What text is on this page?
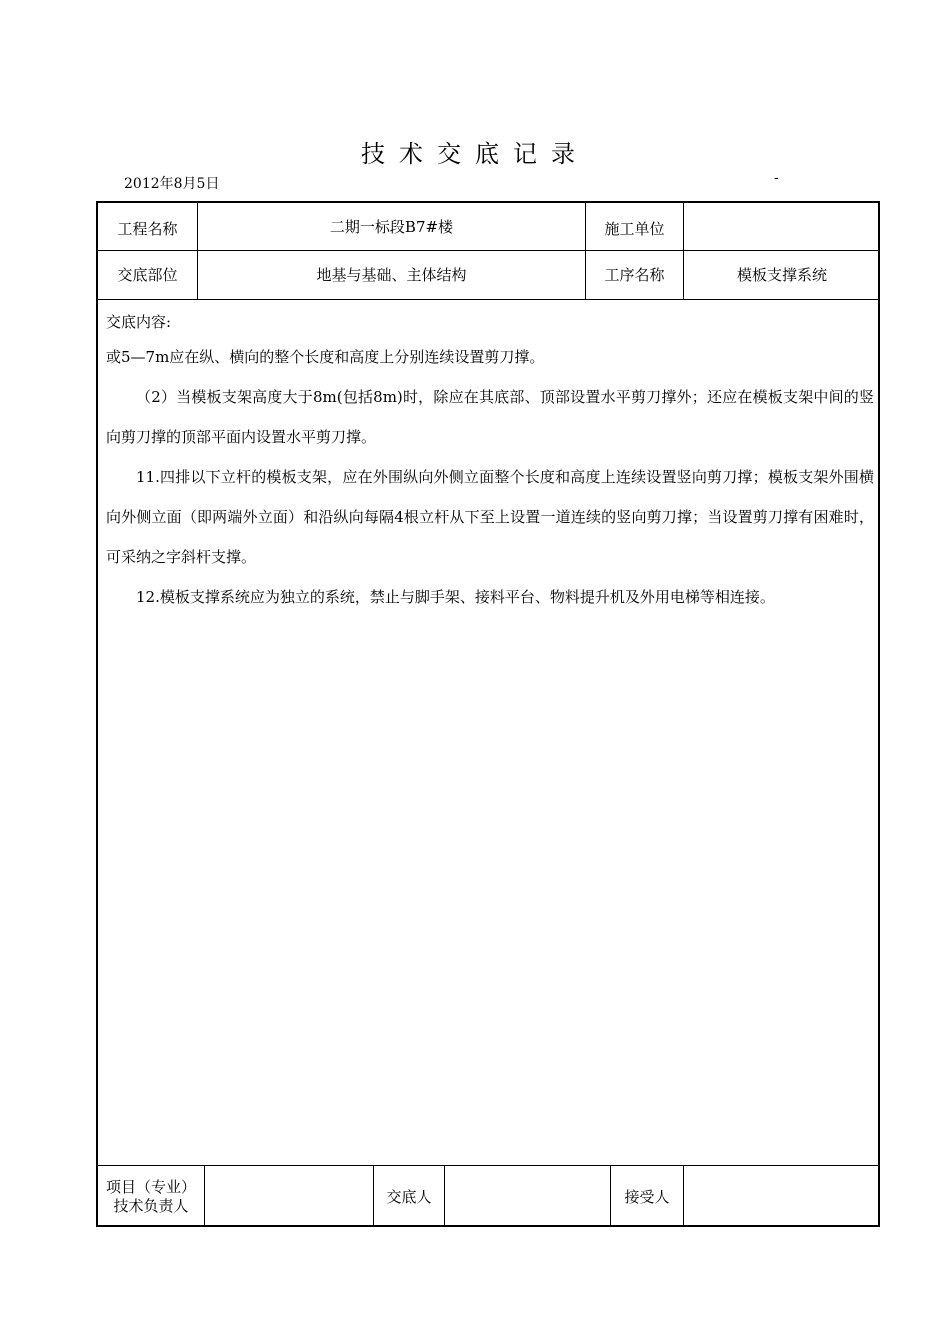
技术交底记录
2012年8月5日	-
工程名称	二期一标段B7#楼	施工单位
交底部位	地基与基础、主体结构	工序名称	模板支撑系统
交底内容:
或5—7m应在纵、横向的整个长度和高度上分别连续设置剪刀撑。
（2）当模板支架高度大于8m(包括8m)时，除应在其底部、顶部设置水平剪刀撑外；还应在模板支架中间的竖向剪刀撑的顶部平面内设置水平剪刀撑。
11.四排以下立杆的模板支架，应在外围纵向外侧立面整个长度和高度上连续设置竖向剪刀撑；模板支架外围横向外侧立面（即两端外立面）和沿纵向每隔4根立杆从下至上设置一道连续的竖向剪刀撑；当设置剪刀撑有困难时，可采纳之字斜杆支撑。
12.模板支撑系统应为独立的系统，禁止与脚手架、接料平台、物料提升机及外用电梯等相连接。
项目（专业）技术负责人	交底人	接受人
